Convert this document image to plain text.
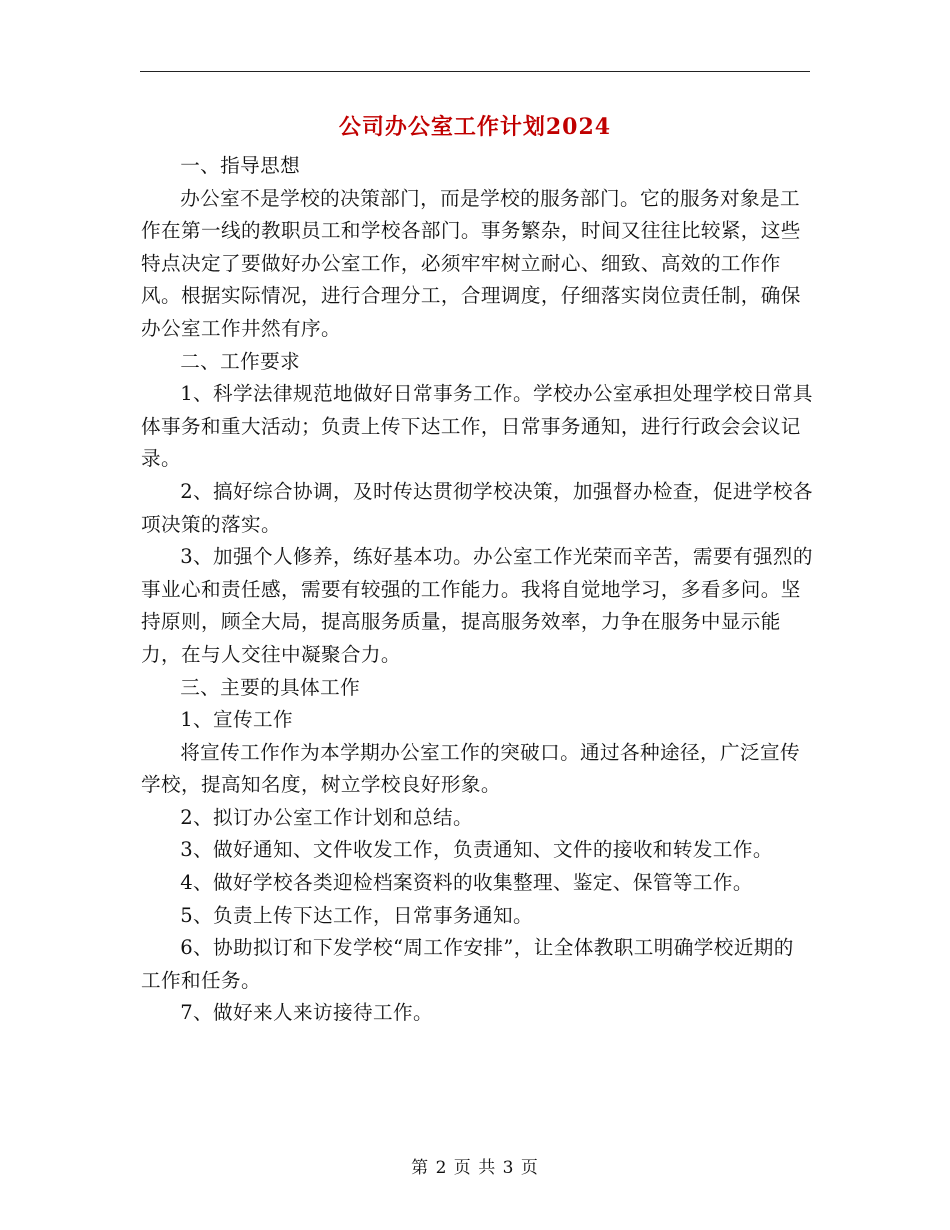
公司办公室工作计划2024

一、指导思想

办公室不是学校的决策部门，而是学校的服务部门。它的服务对象是工作在第一线的教职员工和学校各部门。事务繁杂，时间又往往比较紧，这些特点决定了要做好办公室工作，必须牢牢树立耐心、细致、高效的工作作风。根据实际情况，进行合理分工，合理调度，仔细落实岗位责任制，确保办公室工作井然有序。

二、工作要求

1、科学法律规范地做好日常事务工作。学校办公室承担处理学校日常具体事务和重大活动；负责上传下达工作，日常事务通知，进行行政会会议记录。

2、搞好综合协调，及时传达贯彻学校决策，加强督办检查，促进学校各项决策的落实。

3、加强个人修养，练好基本功。办公室工作光荣而辛苦，需要有强烈的事业心和责任感，需要有较强的工作能力。我将自觉地学习，多看多问。坚持原则，顾全大局，提高服务质量，提高服务效率，力争在服务中显示能力，在与人交往中凝聚合力。

三、主要的具体工作

1、宣传工作

将宣传工作作为本学期办公室工作的突破口。通过各种途径，广泛宣传学校，提高知名度，树立学校良好形象。

2、拟订办公室工作计划和总结。

3、做好通知、文件收发工作，负责通知、文件的接收和转发工作。

4、做好学校各类迎检档案资料的收集整理、鉴定、保管等工作。

5、负责上传下达工作，日常事务通知。

6、协助拟订和下发学校“周工作安排”，让全体教职工明确学校近期的工作和任务。

7、做好来人来访接待工作。

第 2 页 共 3 页
